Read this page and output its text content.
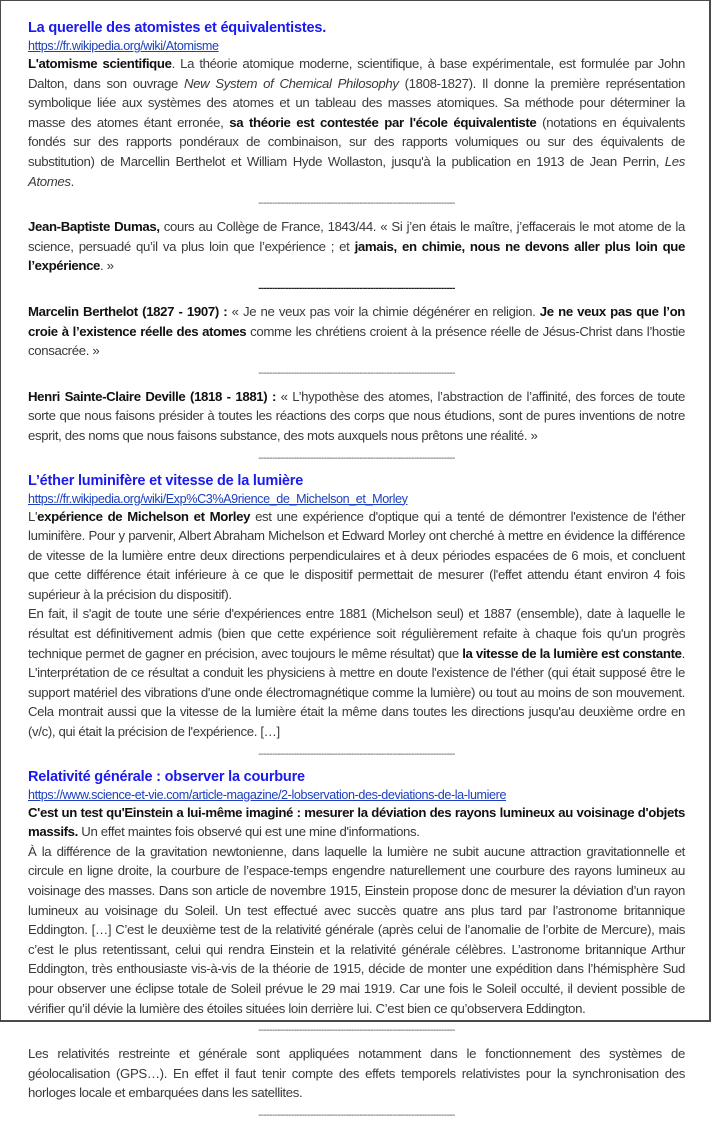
La querelle des atomistes et équivalentistes.
https://fr.wikipedia.org/wiki/Atomisme

L'atomisme scientifique. La théorie atomique moderne, scientifique, à base expérimentale, est formulée par John Dalton, dans son ouvrage New System of Chemical Philosophy (1808-1827). Il donne la première représentation symbolique liée aux systèmes des atomes et un tableau des masses atomiques. Sa méthode pour déterminer la masse des atomes étant erronée, sa théorie est contestée par l'école équivalentiste (notations en équivalents fondés sur des rapports pondéraux de combinaison, sur des rapports volumiques ou sur des équivalents de substitution) de Marcellin Berthelot et William Hyde Wollaston, jusqu'à la publication en 1913 de Jean Perrin, Les Atomes.

------------------------------------------------------------------------

Jean-Baptiste Dumas, cours au Collège de France, 1843/44. « Si j’en étais le maître, j’effacerais le mot atome de la science, persuadé qu’il va plus loin que l’expérience ; et jamais, en chimie, nous ne devons aller plus loin que l’expérience. »

------------------------------------------------------------------------

Marcelin Berthelot (1827 - 1907) : « Je ne veux pas voir la chimie dégénérer en religion. Je ne veux pas que l’on croie à l’existence réelle des atomes comme les chrétiens croient à la présence réelle de Jésus-Christ dans l’hostie consacrée. »

------------------------------------------------------------------------

Henri Sainte-Claire Deville (1818 - 1881) : « L’hypothèse des atomes, l’abstraction de l’affinité, des forces de toute sorte que nous faisons présider à toutes les réactions des corps que nous étudions, sont de pures inventions de notre esprit, des noms que nous faisons substance, des mots auxquels nous prêtons une réalité. »

------------------------------------------------------------------------
L’éther luminifère et vitesse de la lumière
https://fr.wikipedia.org/wiki/Exp%C3%A9rience_de_Michelson_et_Morley

L'expérience de Michelson et Morley est une expérience d'optique qui a tenté de démontrer l'existence de l'éther luminifère. Pour y parvenir, Albert Abraham Michelson et Edward Morley ont cherché à mettre en évidence la différence de vitesse de la lumière entre deux directions perpendiculaires et à deux périodes espacées de 6 mois, et concluent que cette différence était inférieure à ce que le dispositif permettait de mesurer (l'effet attendu étant environ 4 fois supérieur à la précision du dispositif).

En fait, il s'agit de toute une série d'expériences entre 1881 (Michelson seul) et 1887 (ensemble), date à laquelle le résultat est définitivement admis (bien que cette expérience soit régulièrement refaite à chaque fois qu'un progrès technique permet de gagner en précision, avec toujours le même résultat) que la vitesse de la lumière est constante. L'interprétation de ce résultat a conduit les physiciens à mettre en doute l'existence de l'éther (qui était supposé être le support matériel des vibrations d'une onde électromagnétique comme la lumière) ou tout au moins de son mouvement. Cela montrait aussi que la vitesse de la lumière était la même dans toutes les directions jusqu'au deuxième ordre en (v/c), qui était la précision de l'expérience. […]

------------------------------------------------------------------------
Relativité générale : observer la courbure
https://www.science-et-vie.com/article-magazine/2-lobservation-des-deviations-de-la-lumiere

C'est un test qu'Einstein a lui-même imaginé : mesurer la déviation des rayons lumineux au voisinage d'objets massifs. Un effet maintes fois observé qui est une mine d'informations.

À la différence de la gravitation newtonienne, dans laquelle la lumière ne subit aucune attraction gravitationnelle et circule en ligne droite, la courbure de l’espace-temps engendre naturellement une courbure des rayons lumineux au voisinage des masses. Dans son article de novembre 1915, Einstein propose donc de mesurer la déviation d’un rayon lumineux au voisinage du Soleil. Un test effectué avec succès quatre ans plus tard par l’astronome britannique Eddington. […] C’est le deuxième test de la relativité générale (après celui de l’anomalie de l’orbite de Mercure), mais c’est le plus retentissant, celui qui rendra Einstein et la relativité générale célèbres. L’astronome britannique Arthur Eddington, très enthousiaste vis-à-vis de la théorie de 1915, décide de monter une expédition dans l’hémisphère Sud pour observer une éclipse totale de Soleil prévue le 29 mai 1919. Car une fois le Soleil occulté, il devient possible de vérifier qu’il dévie la lumière des étoiles situées loin derrière lui. C’est bien ce qu’observera Eddington.

------------------------------------------------------------------------

Les relativités restreinte et générale sont appliquées notamment dans le fonctionnement des systèmes de géolocalisation (GPS…). En effet il faut tenir compte des effets temporels relativistes pour la synchronisation des horloges locale et embarquées dans les satellites.

------------------------------------------------------------------------
